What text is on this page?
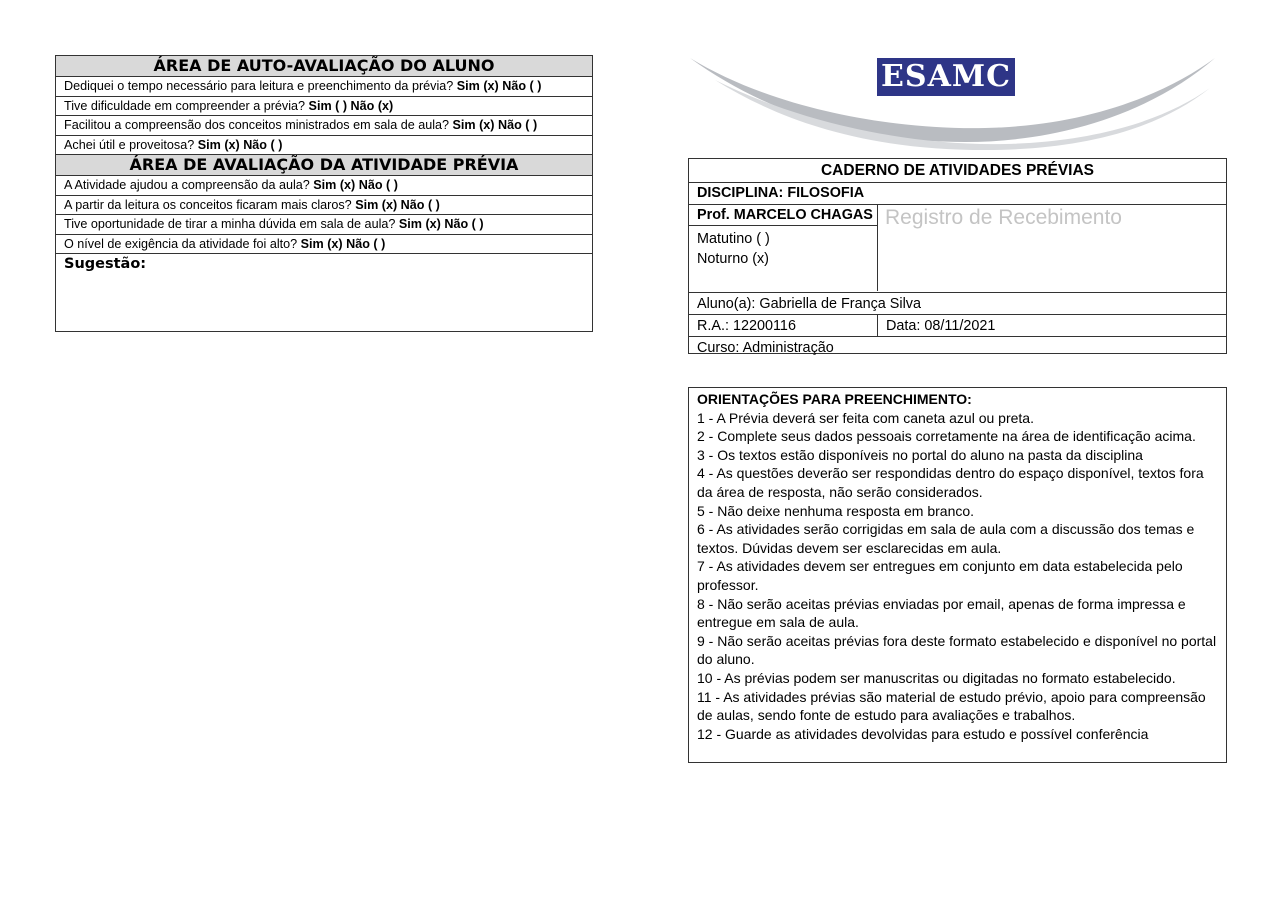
ÁREA DE AUTO-AVALIAÇÃO DO ALUNO
Dediquei o tempo necessário para leitura e preenchimento da prévia? Sim (x) Não ( )
Tive dificuldade em compreender a prévia? Sim ( ) Não (x)
Facilitou a compreensão dos conceitos ministrados em sala de aula? Sim (x) Não ( )
Achei útil e proveitosa? Sim (x) Não ( )
ÁREA DE AVALIAÇÃO DA ATIVIDADE PRÉVIA
A Atividade ajudou a compreensão da aula? Sim (x) Não ( )
A partir da leitura os conceitos ficaram mais claros? Sim (x) Não ( )
Tive oportunidade de tirar a minha dúvida em sala de aula? Sim (x) Não ( )
O nível de exigência da atividade foi alto? Sim (x) Não ( )
Sugestão:
ESAMC
CADERNO DE ATIVIDADES PRÉVIAS
DISCIPLINA: FILOSOFIA
Prof. MARCELO CHAGAS
Matutino ( )
Noturno (x)
Registro de Recebimento
Aluno(a): Gabriella de França Silva
R.A.: 12200116	Data: 08/11/2021
Curso: Administração
ORIENTAÇÕES PARA PREENCHIMENTO:
1 - A Prévia deverá ser feita com caneta azul ou preta.
2 - Complete seus dados pessoais corretamente na área de identificação acima.
3 - Os textos estão disponíveis no portal do aluno na pasta da disciplina
4 - As questões deverão ser respondidas dentro do espaço disponível, textos fora da área de resposta, não serão considerados.
5 - Não deixe nenhuma resposta em branco.
6 - As atividades serão corrigidas em sala de aula com a discussão dos temas e textos. Dúvidas devem ser esclarecidas em aula.
7 - As atividades devem ser entregues em conjunto em data estabelecida pelo professor.
8 - Não serão aceitas prévias enviadas por email, apenas de forma impressa e entregue em sala de aula.
9 - Não serão aceitas prévias fora deste formato estabelecido e disponível no portal do aluno.
10 - As prévias podem ser manuscritas ou digitadas no formato estabelecido.
11 - As atividades prévias são material de estudo prévio, apoio para compreensão de aulas, sendo fonte de estudo para avaliações e trabalhos.
12 - Guarde as atividades devolvidas para estudo e possível conferência
